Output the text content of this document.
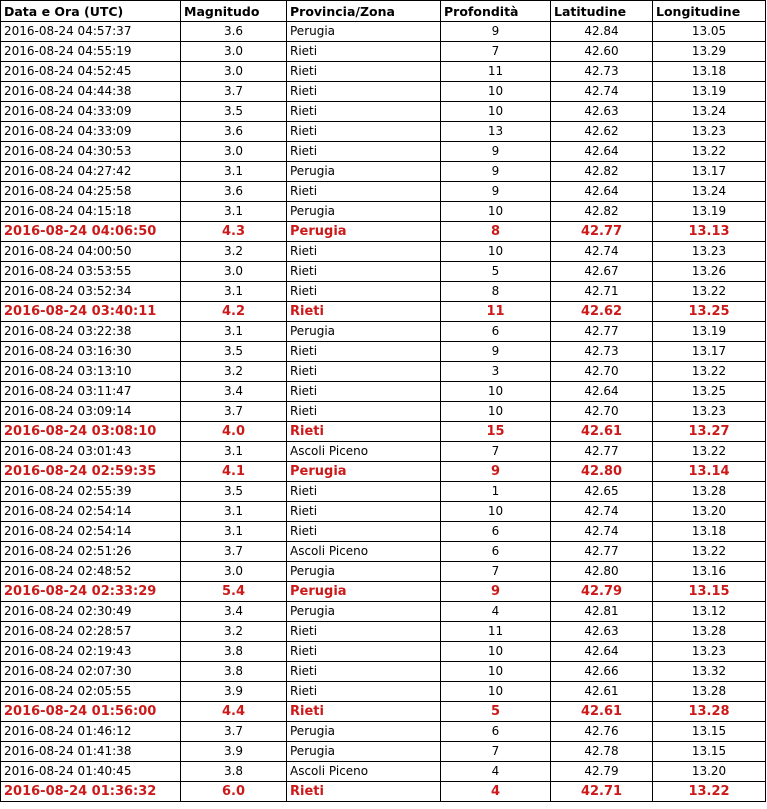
Data e Ora (UTC)	Magnitudo	Provincia/Zona	Profondità	Latitudine	Longitudine
2016-08-24 04:57:37	3.6	Perugia	9	42.84	13.05
2016-08-24 04:55:19	3.0	Rieti	7	42.60	13.29
2016-08-24 04:52:45	3.0	Rieti	11	42.73	13.18
2016-08-24 04:44:38	3.7	Rieti	10	42.74	13.19
2016-08-24 04:33:09	3.5	Rieti	10	42.63	13.24
2016-08-24 04:33:09	3.6	Rieti	13	42.62	13.23
2016-08-24 04:30:53	3.0	Rieti	9	42.64	13.22
2016-08-24 04:27:42	3.1	Perugia	9	42.82	13.17
2016-08-24 04:25:58	3.6	Rieti	9	42.64	13.24
2016-08-24 04:15:18	3.1	Perugia	10	42.82	13.19
2016-08-24 04:06:50	4.3	Perugia	8	42.77	13.13
2016-08-24 04:00:50	3.2	Rieti	10	42.74	13.23
2016-08-24 03:53:55	3.0	Rieti	5	42.67	13.26
2016-08-24 03:52:34	3.1	Rieti	8	42.71	13.22
2016-08-24 03:40:11	4.2	Rieti	11	42.62	13.25
2016-08-24 03:22:38	3.1	Perugia	6	42.77	13.19
2016-08-24 03:16:30	3.5	Rieti	9	42.73	13.17
2016-08-24 03:13:10	3.2	Rieti	3	42.70	13.22
2016-08-24 03:11:47	3.4	Rieti	10	42.64	13.25
2016-08-24 03:09:14	3.7	Rieti	10	42.70	13.23
2016-08-24 03:08:10	4.0	Rieti	15	42.61	13.27
2016-08-24 03:01:43	3.1	Ascoli Piceno	7	42.77	13.22
2016-08-24 02:59:35	4.1	Perugia	9	42.80	13.14
2016-08-24 02:55:39	3.5	Rieti	1	42.65	13.28
2016-08-24 02:54:14	3.1	Rieti	10	42.74	13.20
2016-08-24 02:54:14	3.1	Rieti	6	42.74	13.18
2016-08-24 02:51:26	3.7	Ascoli Piceno	6	42.77	13.22
2016-08-24 02:48:52	3.0	Perugia	7	42.80	13.16
2016-08-24 02:33:29	5.4	Perugia	9	42.79	13.15
2016-08-24 02:30:49	3.4	Perugia	4	42.81	13.12
2016-08-24 02:28:57	3.2	Rieti	11	42.63	13.28
2016-08-24 02:19:43	3.8	Rieti	10	42.64	13.23
2016-08-24 02:07:30	3.8	Rieti	10	42.66	13.32
2016-08-24 02:05:55	3.9	Rieti	10	42.61	13.28
2016-08-24 01:56:00	4.4	Rieti	5	42.61	13.28
2016-08-24 01:46:12	3.7	Perugia	6	42.76	13.15
2016-08-24 01:41:38	3.9	Perugia	7	42.78	13.15
2016-08-24 01:40:45	3.8	Ascoli Piceno	4	42.79	13.20
2016-08-24 01:36:32	6.0	Rieti	4	42.71	13.22
